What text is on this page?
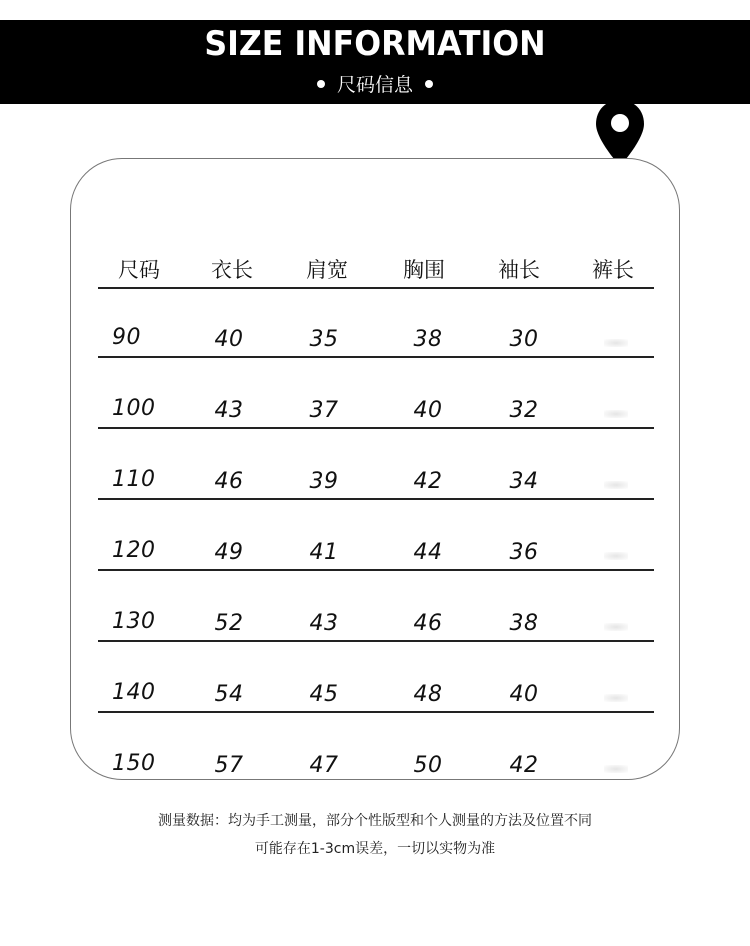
SIZE INFORMATION
尺码信息
尺码	衣长	肩宽	胸围	袖长	裤长
90	40	35	38	30
100	43	37	40	32
110	46	39	42	34
120	49	41	44	36
130	52	43	46	38
140	54	45	48	40
150	57	47	50	42
测量数据：均为手工测量，部分个性版型和个人测量的方法及位置不同
可能存在1-3cm误差，一切以实物为准
